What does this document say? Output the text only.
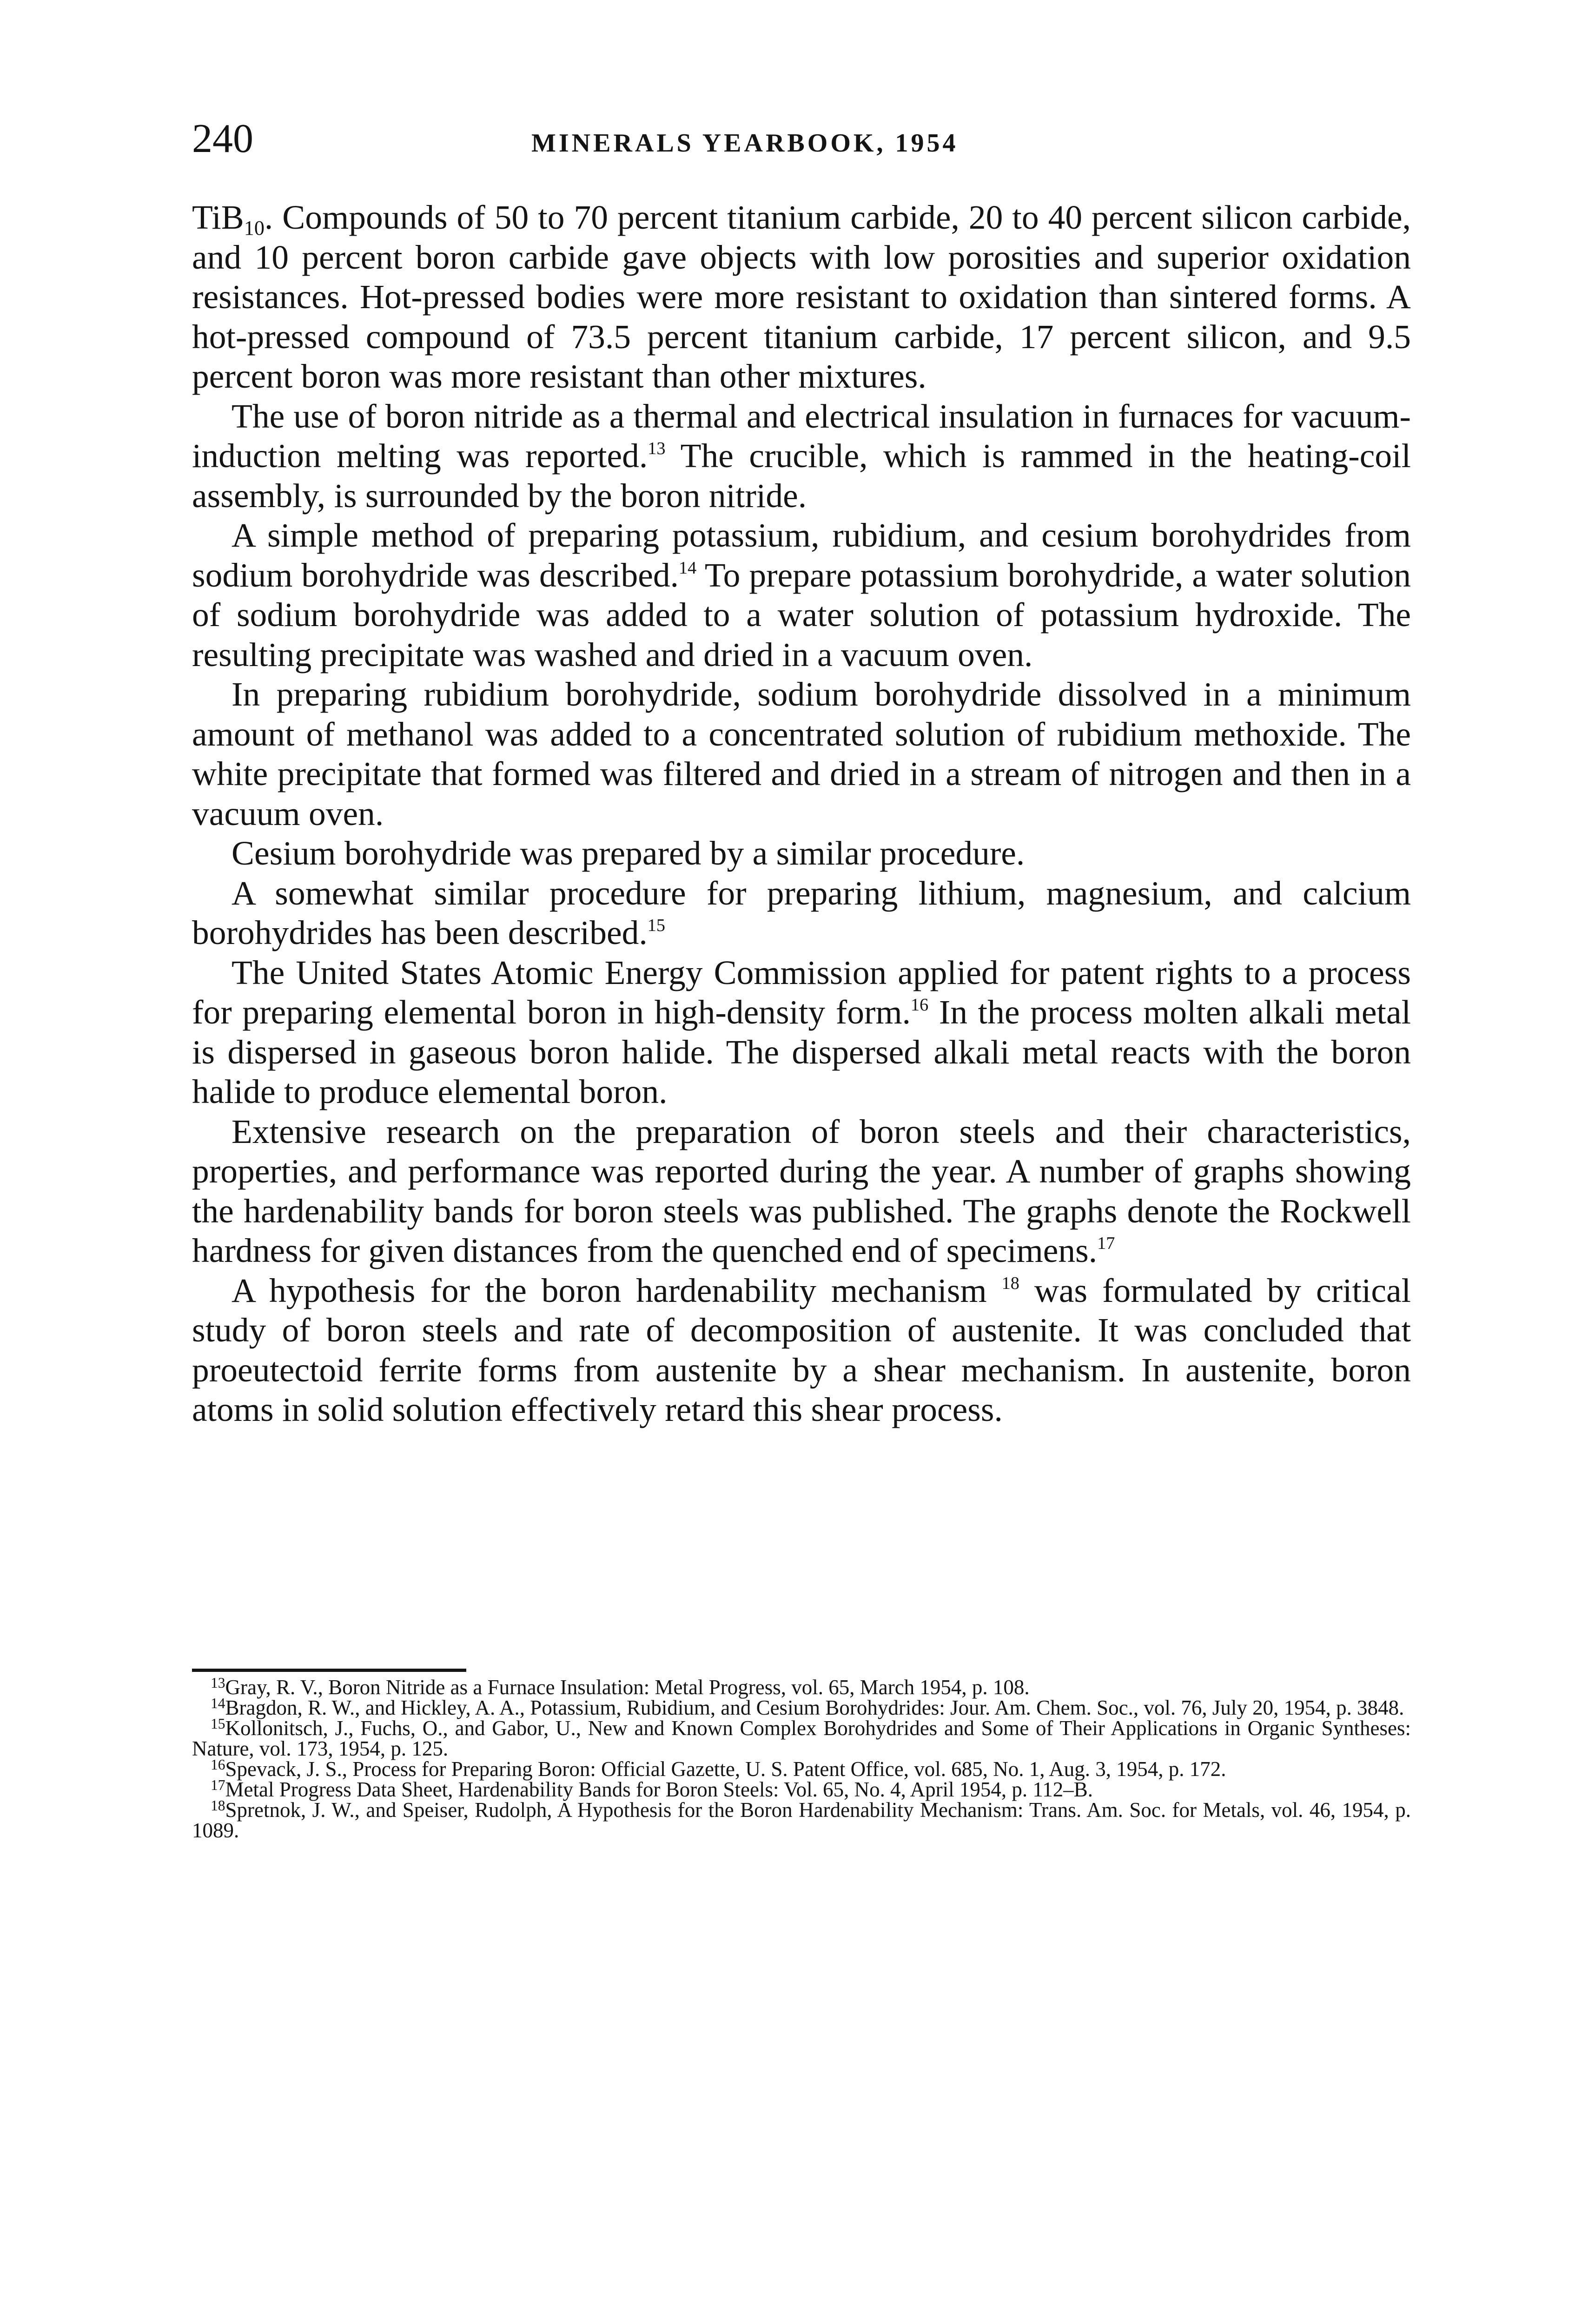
240	MINERALS YEARBOOK, 1954

TiB$_{10}$. Compounds of 50 to 70 percent titanium carbide, 20 to 40 percent silicon carbide, and 10 percent boron carbide gave objects with low porosities and superior oxidation resistances. Hot-pressed bodies were more resistant to oxidation than sintered forms. A hot-pressed compound of 73.5 percent titanium carbide, 17 percent silicon, and 9.5 percent boron was more resistant than other mixtures.

The use of boron nitride as a thermal and electrical insulation in furnaces for vacuum-induction melting was reported.$^{13}$ The crucible, which is rammed in the heating-coil assembly, is surrounded by the boron nitride.

A simple method of preparing potassium, rubidium, and cesium borohydrides from sodium borohydride was described.$^{14}$ To prepare potassium borohydride, a water solution of sodium borohydride was added to a water solution of potassium hydroxide. The resulting precipitate was washed and dried in a vacuum oven.

In preparing rubidium borohydride, sodium borohydride dissolved in a minimum amount of methanol was added to a concentrated solution of rubidium methoxide. The white precipitate that formed was filtered and dried in a stream of nitrogen and then in a vacuum oven.

Cesium borohydride was prepared by a similar procedure.

A somewhat similar procedure for preparing lithium, magnesium, and calcium borohydrides has been described.$^{15}$

The United States Atomic Energy Commission applied for patent rights to a process for preparing elemental boron in high-density form.$^{16}$ In the process molten alkali metal is dispersed in gaseous boron halide. The dispersed alkali metal reacts with the boron halide to produce elemental boron.

Extensive research on the preparation of boron steels and their characteristics, properties, and performance was reported during the year. A number of graphs showing the hardenability bands for boron steels was published. The graphs denote the Rockwell hardness for given distances from the quenched end of specimens.$^{17}$

A hypothesis for the boron hardenability mechanism $^{18}$ was formulated by critical study of boron steels and rate of decomposition of austenite. It was concluded that proeutectoid ferrite forms from austenite by a shear mechanism. In austenite, boron atoms in solid solution effectively retard this shear process.

$^{13}$Gray, R. V., Boron Nitride as a Furnace Insulation: Metal Progress, vol. 65, March 1954, p. 108.

$^{14}$Bragdon, R. W., and Hickley, A. A., Potassium, Rubidium, and Cesium Borohydrides: Jour. Am. Chem. Soc., vol. 76, July 20, 1954, p. 3848.

$^{15}$Kollonitsch, J., Fuchs, O., and Gabor, U., New and Known Complex Borohydrides and Some of Their Applications in Organic Syntheses: Nature, vol. 173, 1954, p. 125.

$^{16}$Spevack, J. S., Process for Preparing Boron: Official Gazette, U. S. Patent Office, vol. 685, No. 1, Aug. 3, 1954, p. 172.

$^{17}$Metal Progress Data Sheet, Hardenability Bands for Boron Steels: Vol. 65, No. 4, April 1954, p. 112–B.

$^{18}$Spretnok, J. W., and Speiser, Rudolph, A Hypothesis for the Boron Hardenability Mechanism: Trans. Am. Soc. for Metals, vol. 46, 1954, p. 1089.
